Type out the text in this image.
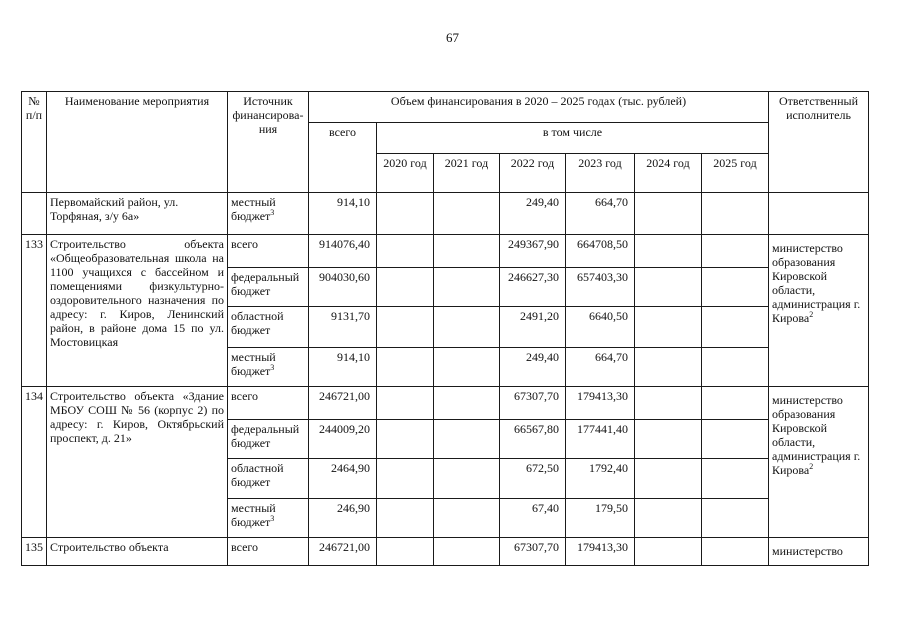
67
№ п/п	Наименование мероприятия	Источник финансирова-ния	Объем финансирования в 2020 – 2025 годах (тыс. рублей)							Ответственный исполнитель
			всего	в том числе						
				2020 год	2021 год	2022 год	2023 год	2024 год	2025 год	
	Первомайский район, ул. Торфяная, з/у 6а»	местный бюджет$^3$	914,10			249,40	664,70			
133	Строительство объекта «Общеобразовательная школа на 1100 учащихся с бассейном и помещениями физкультурно-оздоровительного назначения по адресу: г. Киров, Ленинский район, в районе дома 15 по ул. Мостовицкая	всего	914076,40			249367,90	664708,50			министерство образования Кировской области, администрация г. Кирова$^2$
		федеральный бюджет	904030,60			246627,30	657403,30			
		областной бюджет	9131,70			2491,20	6640,50			
		местный бюджет$^3$	914,10			249,40	664,70			
134	Строительство объекта «Здание МБОУ СОШ № 56 (корпус 2) по адресу: г. Киров, Октябрьский проспект, д. 21»	всего	246721,00			67307,70	179413,30			министерство образования Кировской области, администрация г. Кирова$^2$
		федеральный бюджет	244009,20			66567,80	177441,40			
		областной бюджет	2464,90			672,50	1792,40			
		местный бюджет$^3$	246,90			67,40	179,50			
135	Строительство объекта	всего	246721,00			67307,70	179413,30			министерство
